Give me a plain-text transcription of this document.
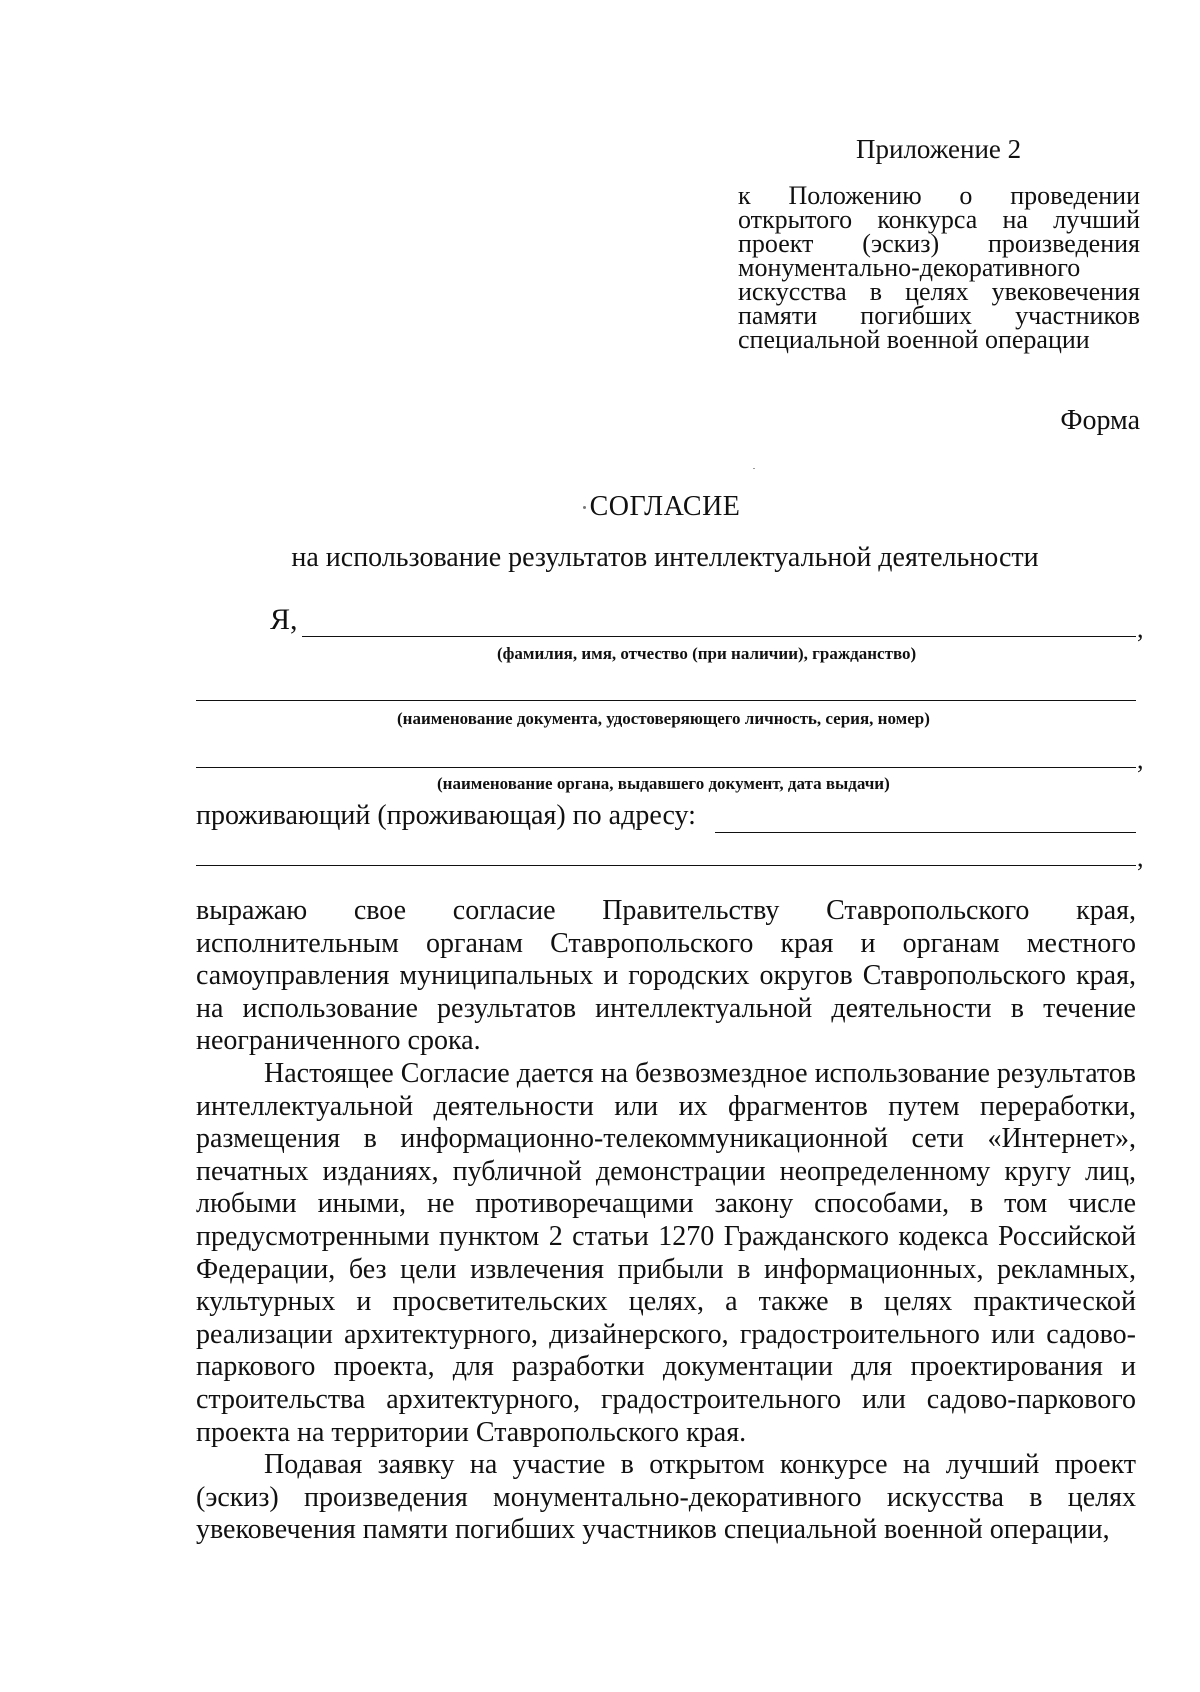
Приложение 2
к Положению о проведении
открытого конкурса на лучший
проект (эскиз) произведения
монументально-декоративного
искусства в целях увековечения
памяти погибших участников
специальной военной операции
Форма
СОГЛАСИЕ
на использование результатов интеллектуальной деятельности
Я,	,
(фамилия, имя, отчество (при наличии), гражданство)
(наименование документа, удостоверяющего личность, серия, номер)
,
(наименование органа, выдавшего документ, дата выдачи)
проживающий (проживающая) по адресу:
,

выражаю свое согласие Правительству Ставропольского края, исполнительным органам Ставропольского края и органам местного самоуправления муниципальных и городских округов Ставропольского края, на использование результатов интеллектуальной деятельности в течение неограниченного срока.

Настоящее Согласие дается на безвозмездное использование результатов интеллектуальной деятельности или их фрагментов путем переработки, размещения в информационно-телекоммуникационной сети «Интернет», печатных изданиях, публичной демонстрации неопределенному кругу лиц, любыми иными, не противоречащими закону способами, в том числе предусмотренными пунктом 2 статьи 1270 Гражданского кодекса Российской Федерации, без цели извлечения прибыли в информационных, рекламных, культурных и просветительских целях, а также в целях практической реализации архитектурного, дизайнерского, градостроительного или садово-паркового проекта, для разработки документации для проектирования и строительства архитектурного, градостроительного или садово-паркового проекта на территории Ставропольского края.

Подавая заявку на участие в открытом конкурсе на лучший проект (эскиз) произведения монументально-декоративного искусства в целях увековечения памяти погибших участников специальной военной операции,
